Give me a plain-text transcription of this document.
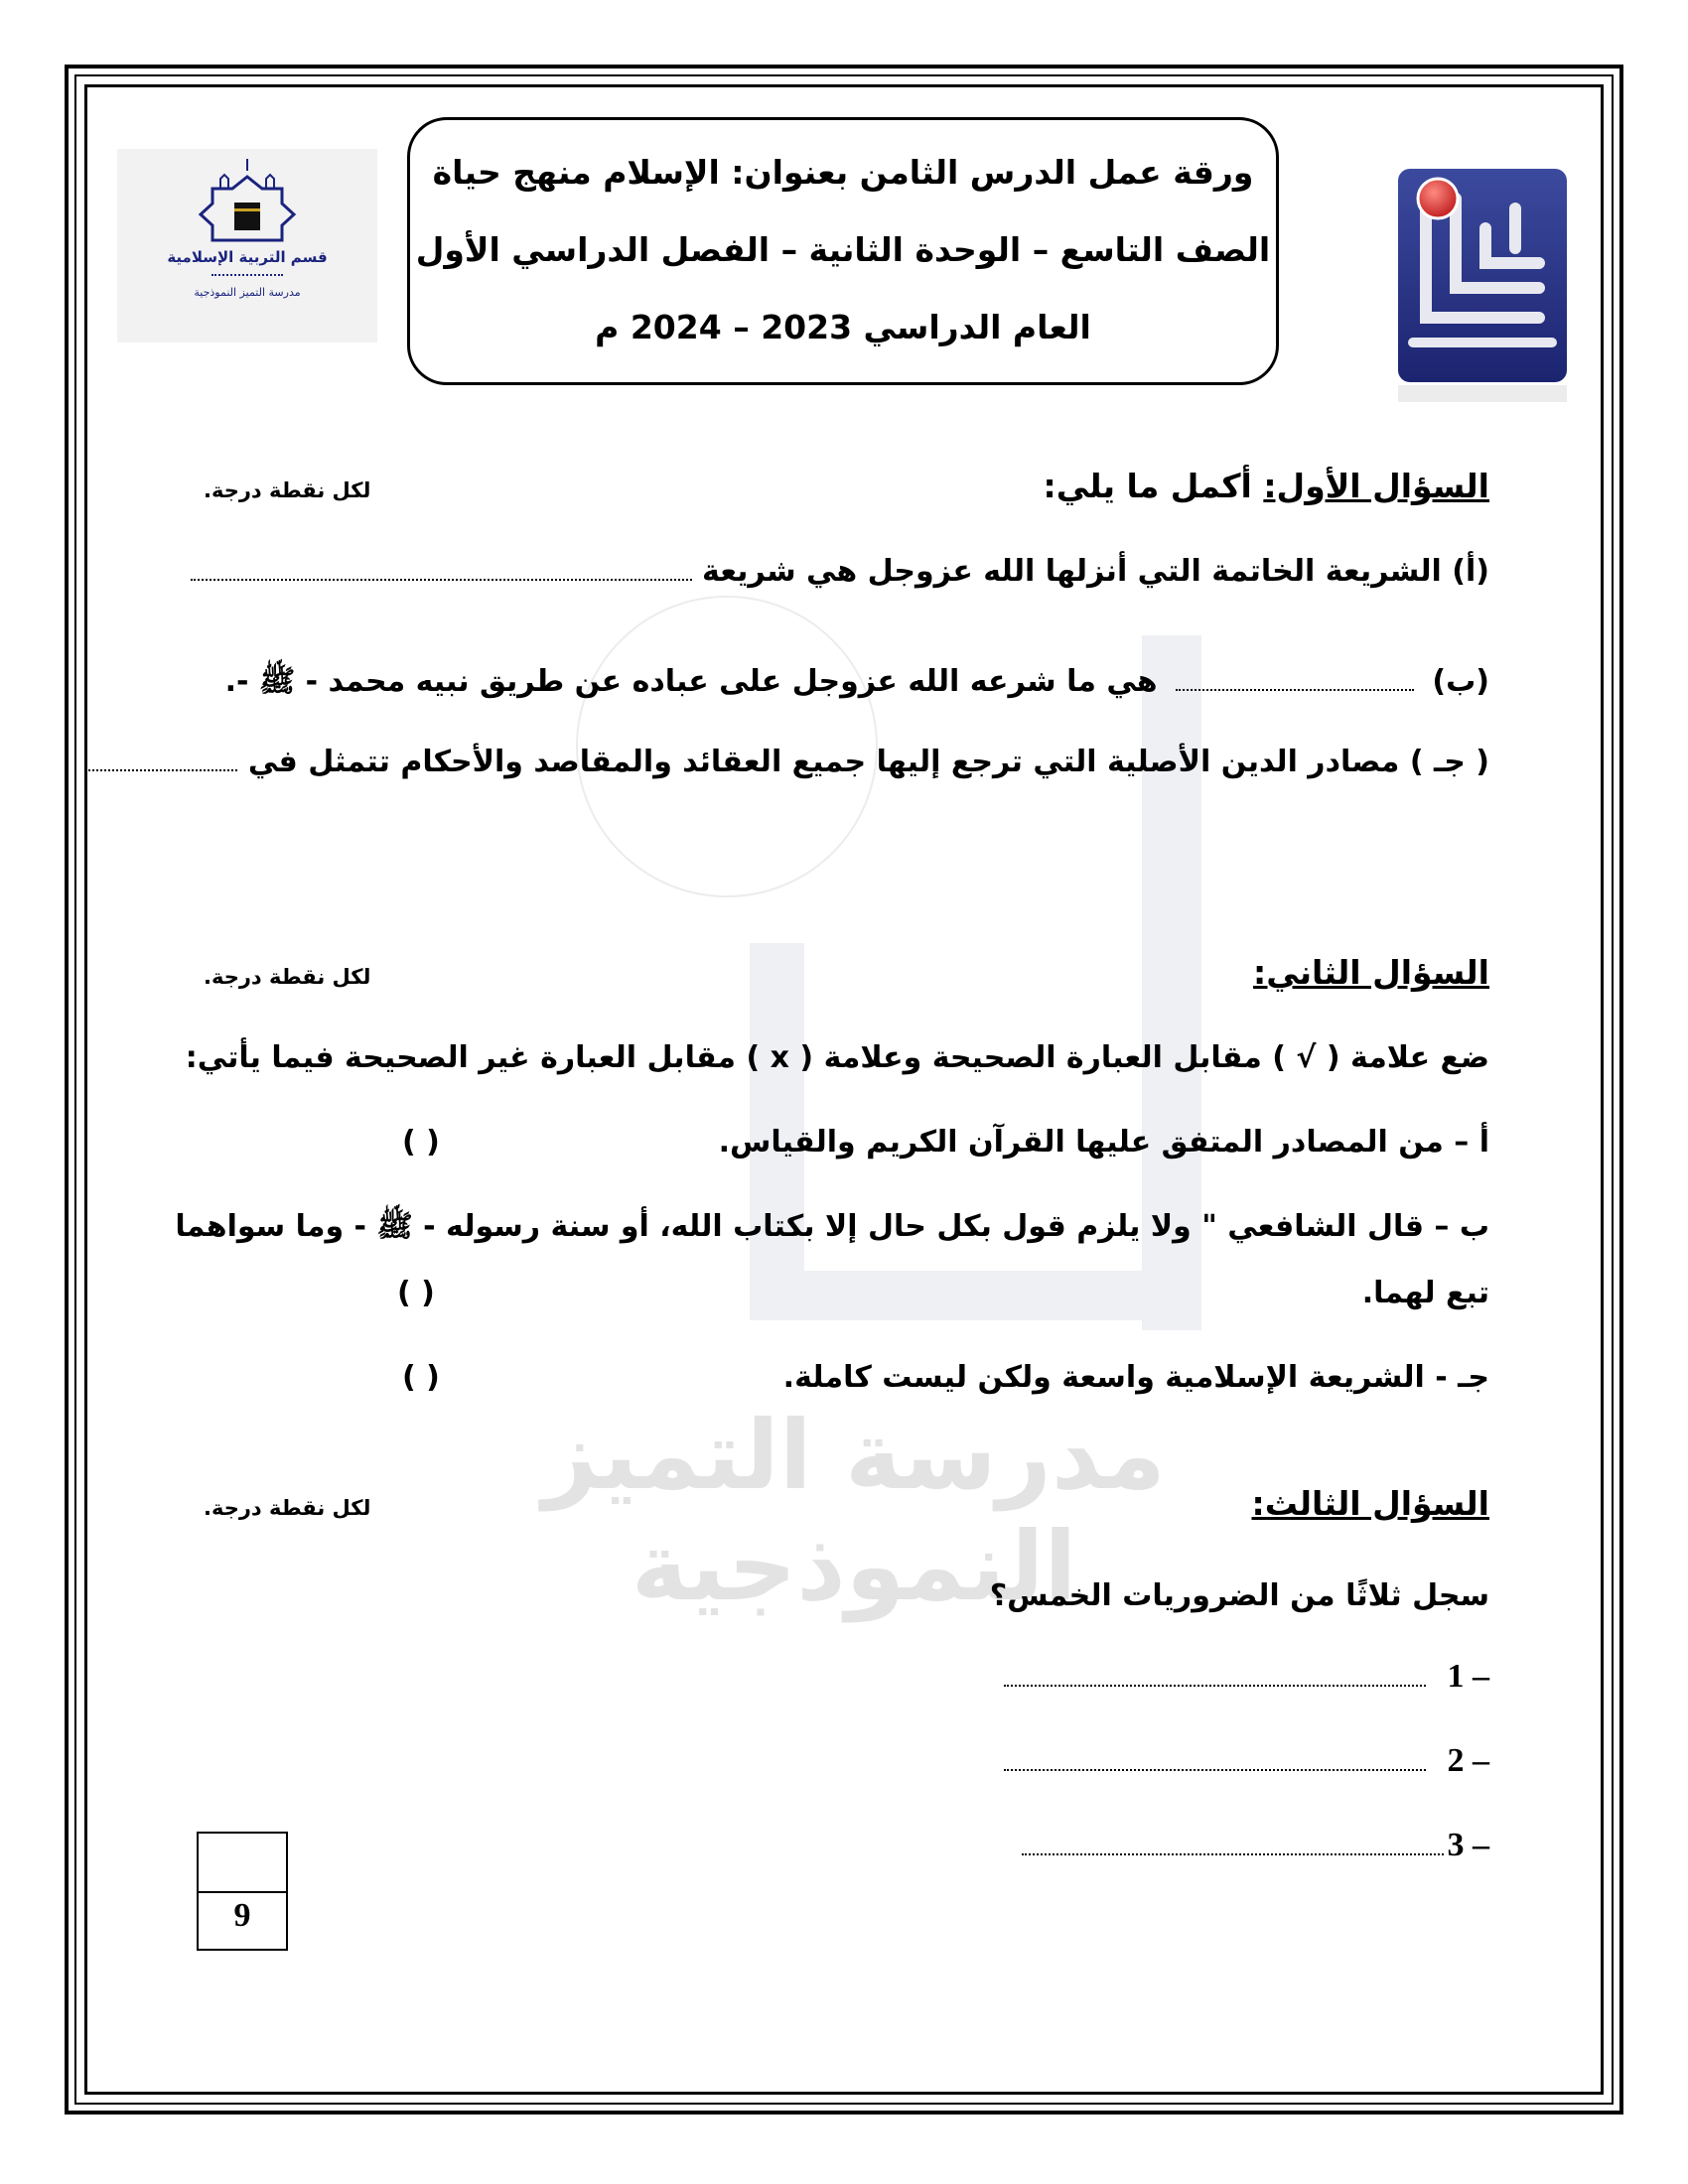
مدرسة التميز النموذجية
قسم التربية الإسلامية
مدرسة التميز النموذجية
ورقة عمل الدرس الثامن بعنوان: الإسلام منهج حياة
الصف التاسع – الوحدة الثانية – الفصل الدراسي الأول
العام الدراسي 2023 – 2024 م
السؤال الأول: أكمل ما يلي:
لكل نقطة درجة.
(أ) الشريعة الخاتمة التي أنزلها الله عزوجل هي شريعة
(ب)  هي ما شرعه الله عزوجل على عباده عن طريق نبيه محمد - ﷺ -.
( جـ ) مصادر الدين الأصلية التي ترجع إليها جميع العقائد والمقاصد والأحكام تتمثل في
السؤال الثاني:
لكل نقطة درجة.
ضع علامة ( √ ) مقابل العبارة الصحيحة وعلامة ( x ) مقابل العبارة غير الصحيحة فيما يأتي:
أ – من المصادر المتفق عليها القرآن الكريم والقياس.
( )
ب – قال الشافعي " ولا يلزم قول بكل حال إلا بكتاب الله، أو سنة رسوله - ﷺ - وما سواهما
تبع لهما.
( )
جـ - الشريعة الإسلامية واسعة ولكن ليست كاملة.
( )
السؤال الثالث:
لكل نقطة درجة.
سجل ثلاثًا من الضروريات الخمس؟
1 –
2 –
3 –
9
